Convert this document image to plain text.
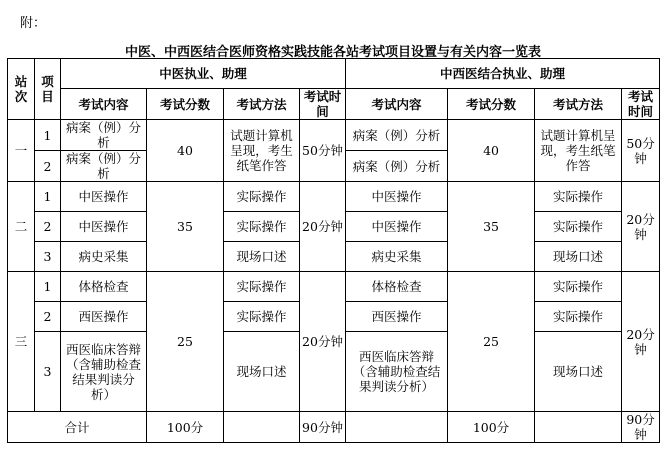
附：
中医、中西医结合医师资格实践技能各站考试项目设置与有关内容一览表
站次	项目	中医执业、助理				中西医结合执业、助理			
		考试内容	考试分数	考试方法	考试时间	考试内容	考试分数	考试方法	考试时间
一	1	病案（例）分析	40	试题计算机呈现，考生纸笔作答	50分钟	病案（例）分析	40	试题计算机呈现，考生纸笔作答	50分钟
	2	病案（例）分析				病案（例）分析			
二	1	中医操作	35	实际操作	20分钟	中医操作	35	实际操作	20分钟
	2	中医操作		实际操作		中医操作		实际操作	
	3	病史采集		现场口述		病史采集		现场口述	
三	1	体格检查	25	实际操作	20分钟	体格检查	25	实际操作	20分钟
	2	西医操作		实际操作		西医操作		实际操作	
	3	西医临床答辩（含辅助检查结果判读分析）		现场口述		西医临床答辩（含辅助检查结果判读分析）		现场口述	
合计			100分		90分钟		100分		90分钟
